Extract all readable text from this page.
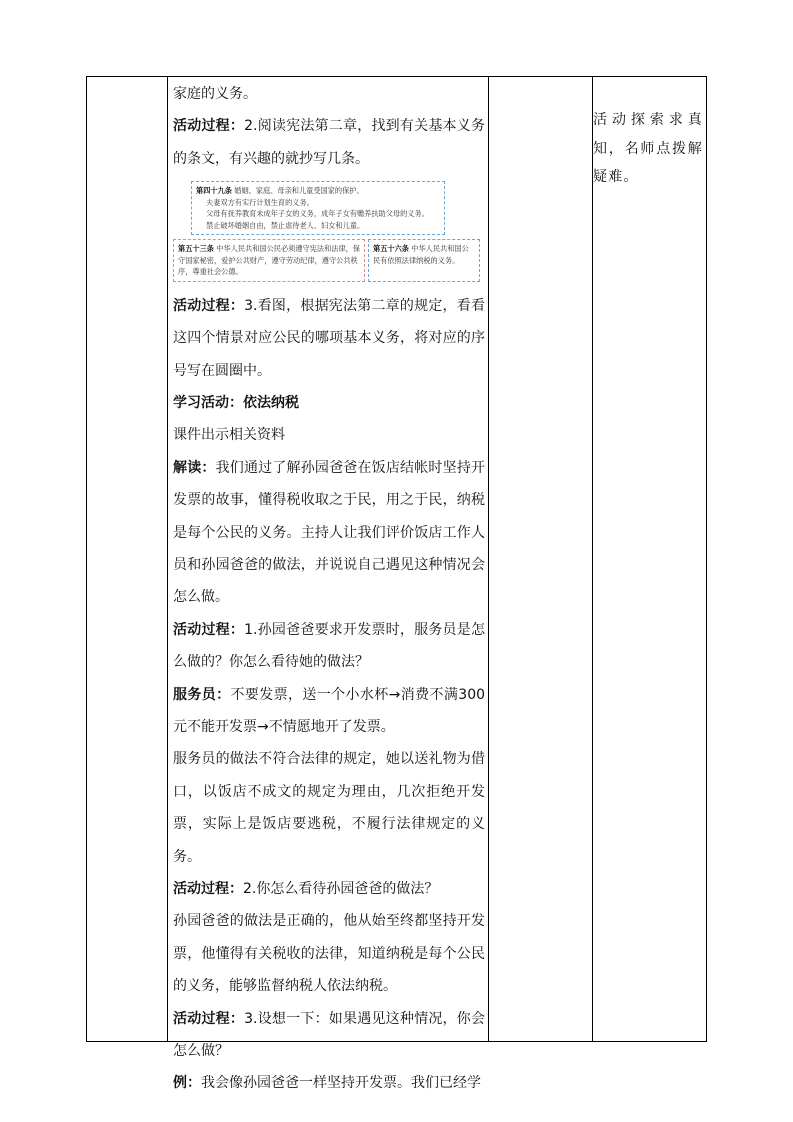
家庭的义务。

活动过程：2.阅读宪法第二章，找到有关基本义务的条文，有兴趣的就抄写几条。

第四十九条 婚姻、家庭、母亲和儿童受国家的保护。
夫妻双方有实行计划生育的义务。
父母有抚养教育未成年子女的义务，成年子女有赡养扶助父母的义务。
禁止破坏婚姻自由，禁止虐待老人、妇女和儿童。
第五十三条 中华人民共和国公民必须遵守宪法和法律，保守国家秘密，爱护公共财产，遵守劳动纪律，遵守公共秩序，尊重社会公德。
第五十六条 中华人民共和国公民有依照法律纳税的义务。

活动过程：3.看图，根据宪法第二章的规定，看看这四个情景对应公民的哪项基本义务，将对应的序号写在圆圈中。

学习活动：依法纳税

课件出示相关资料

解读：我们通过了解孙园爸爸在饭店结帐时坚持开发票的故事，懂得税收取之于民，用之于民，纳税是每个公民的义务。主持人让我们评价饭店工作人员和孙园爸爸的做法，并说说自己遇见这种情况会怎么做。

活动过程：1.孙园爸爸要求开发票时，服务员是怎么做的？你怎么看待她的做法？

服务员：不要发票，送一个小水杯→消费不满300元不能开发票→不情愿地开了发票。

服务员的做法不符合法律的规定，她以送礼物为借口，以饭店不成文的规定为理由，几次拒绝开发票，实际上是饭店要逃税，不履行法律规定的义务。

活动过程：2.你怎么看待孙园爸爸的做法？

孙园爸爸的做法是正确的，他从始至终都坚持开发票，他懂得有关税收的法律，知道纳税是每个公民的义务，能够监督纳税人依法纳税。

活动过程：3.设想一下：如果遇见这种情况，你会怎么做？

例：我会像孙园爸爸一样坚持开发票。我们已经学

活动探索求真知，名师点拨解疑难。
